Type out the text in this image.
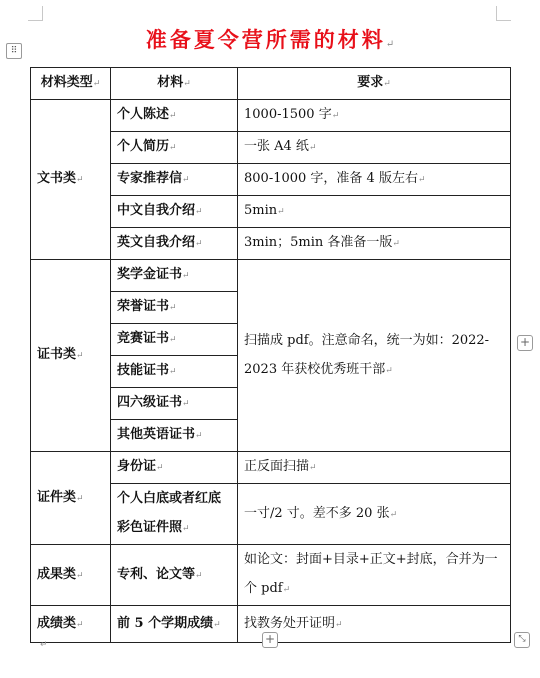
⠿	准备夏令营所需的材料↵
材料类型↵	材料↵	要求↵
文书类↵	个人陈述↵	1000-1500 字↵
	个人简历↵	一张 A4 纸↵
	专家推荐信↵	800-1000 字，准备 4 版左右↵
	中文自我介绍↵	5min↵
	英文自我介绍↵	3min；5min 各准备一版↵
证书类↵	奖学金证书↵	扫描成 pdf。注意命名，统一为如：2022-2023 年获校优秀班干部↵
	荣誉证书↵	
	竞赛证书↵	
	技能证书↵	
	四六级证书↵	
	其他英语证书↵	
证件类↵	身份证↵	正反面扫描↵
	个人白底或者红底彩色证件照↵	一寸/2 寸。差不多 20 张↵
成果类↵	专利、论文等↵	如论文：封面+目录+正文+封底，合并为一个 pdf↵
成绩类↵	前 5 个学期成绩↵	找教务处开证明↵
+
+	⤡
↵
